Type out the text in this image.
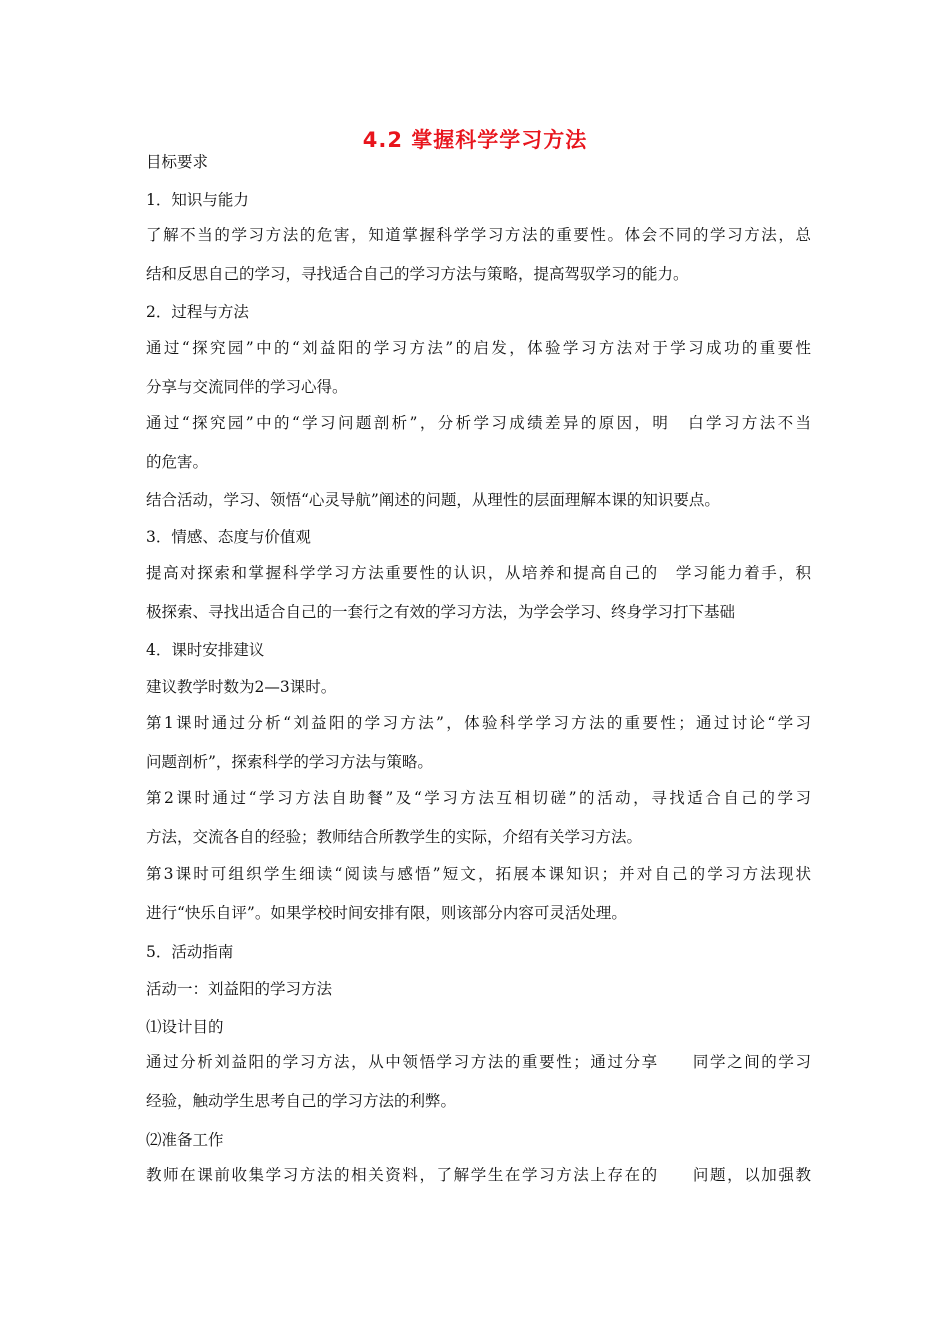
4.2 掌握科学学习方法
目标要求
1．知识与能力
了解不当的学习方法的危害，知道掌握科学学习方法的重要性。体会不同的学习方法，总
结和反思自己的学习，寻找适合自己的学习方法与策略，提高驾驭学习的能力。
2．过程与方法
通过“探究园”中的“刘益阳的学习方法”的启发，体验学习方法对于学习成功的重要性
分享与交流同伴的学习心得。
通过“探究园”中的“学习问题剖析”，分析学习成绩差异的原因，明　白学习方法不当
的危害。
结合活动，学习、领悟“心灵导航”阐述的问题，从理性的层面理解本课的知识要点。
3．情感、态度与价值观
提高对探索和掌握科学学习方法重要性的认识，从培养和提高自己的　学习能力着手，积
极探索、寻找出适合自己的一套行之有效的学习方法，为学会学习、终身学习打下基础
4．课时安排建议
建议教学时数为2—3课时。
第1课时通过分析“刘益阳的学习方法”，体验科学学习方法的重要性；通过讨论“学习
问题剖析”，探索科学的学习方法与策略。
第2课时通过“学习方法自助餐”及“学习方法互相切磋”的活动，寻找适合自己的学习
方法，交流各自的经验；教师结合所教学生的实际，介绍有关学习方法。
第3课时可组织学生细读“阅读与感悟”短文，拓展本课知识；并对自己的学习方法现状
进行“快乐自评”。如果学校时间安排有限，则该部分内容可灵活处理。
5．活动指南
活动一：刘益阳的学习方法
⑴设计目的
通过分析刘益阳的学习方法，从中领悟学习方法的重要性；通过分享　　同学之间的学习
经验，触动学生思考自己的学习方法的利弊。
⑵准备工作
教师在课前收集学习方法的相关资料，了解学生在学习方法上存在的　　问题，以加强教
